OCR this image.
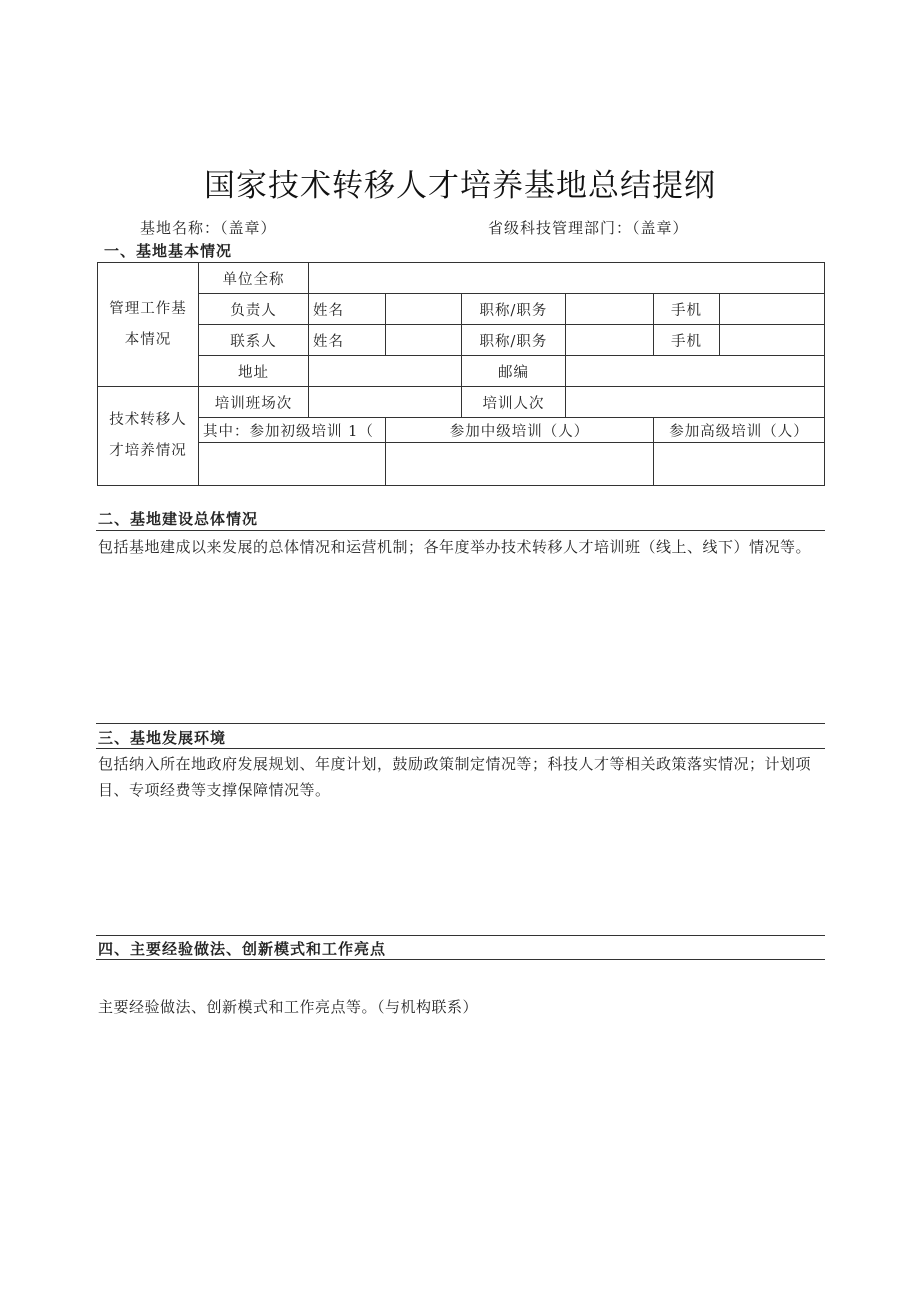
国家技术转移人才培养基地总结提纲
基地名称：（盖章）	省级科技管理部门：（盖章）
一、基地基本情况
管理工作基本情况	单位全称						
	负责人	姓名		职称/职务		手机	
	联系人	姓名		职称/职务		手机	
	地址			邮编			
技术转移人才培养情况	培训班场次			培训人次			
	其中：参加初级培训 1（		参加中级培训（人）			参加高级培训（人）	

二、基地建设总体情况
包括基地建成以来发展的总体情况和运营机制；各年度举办技术转移人才培训班（线上、线下）情况等。
三、基地发展环境
包括纳入所在地政府发展规划、年度计划，鼓励政策制定情况等；科技人才等相关政策落实情况；计划项目、专项经费等支撑保障情况等。
四、主要经验做法、创新模式和工作亮点
主要经验做法、创新模式和工作亮点等。（与机构联系）
